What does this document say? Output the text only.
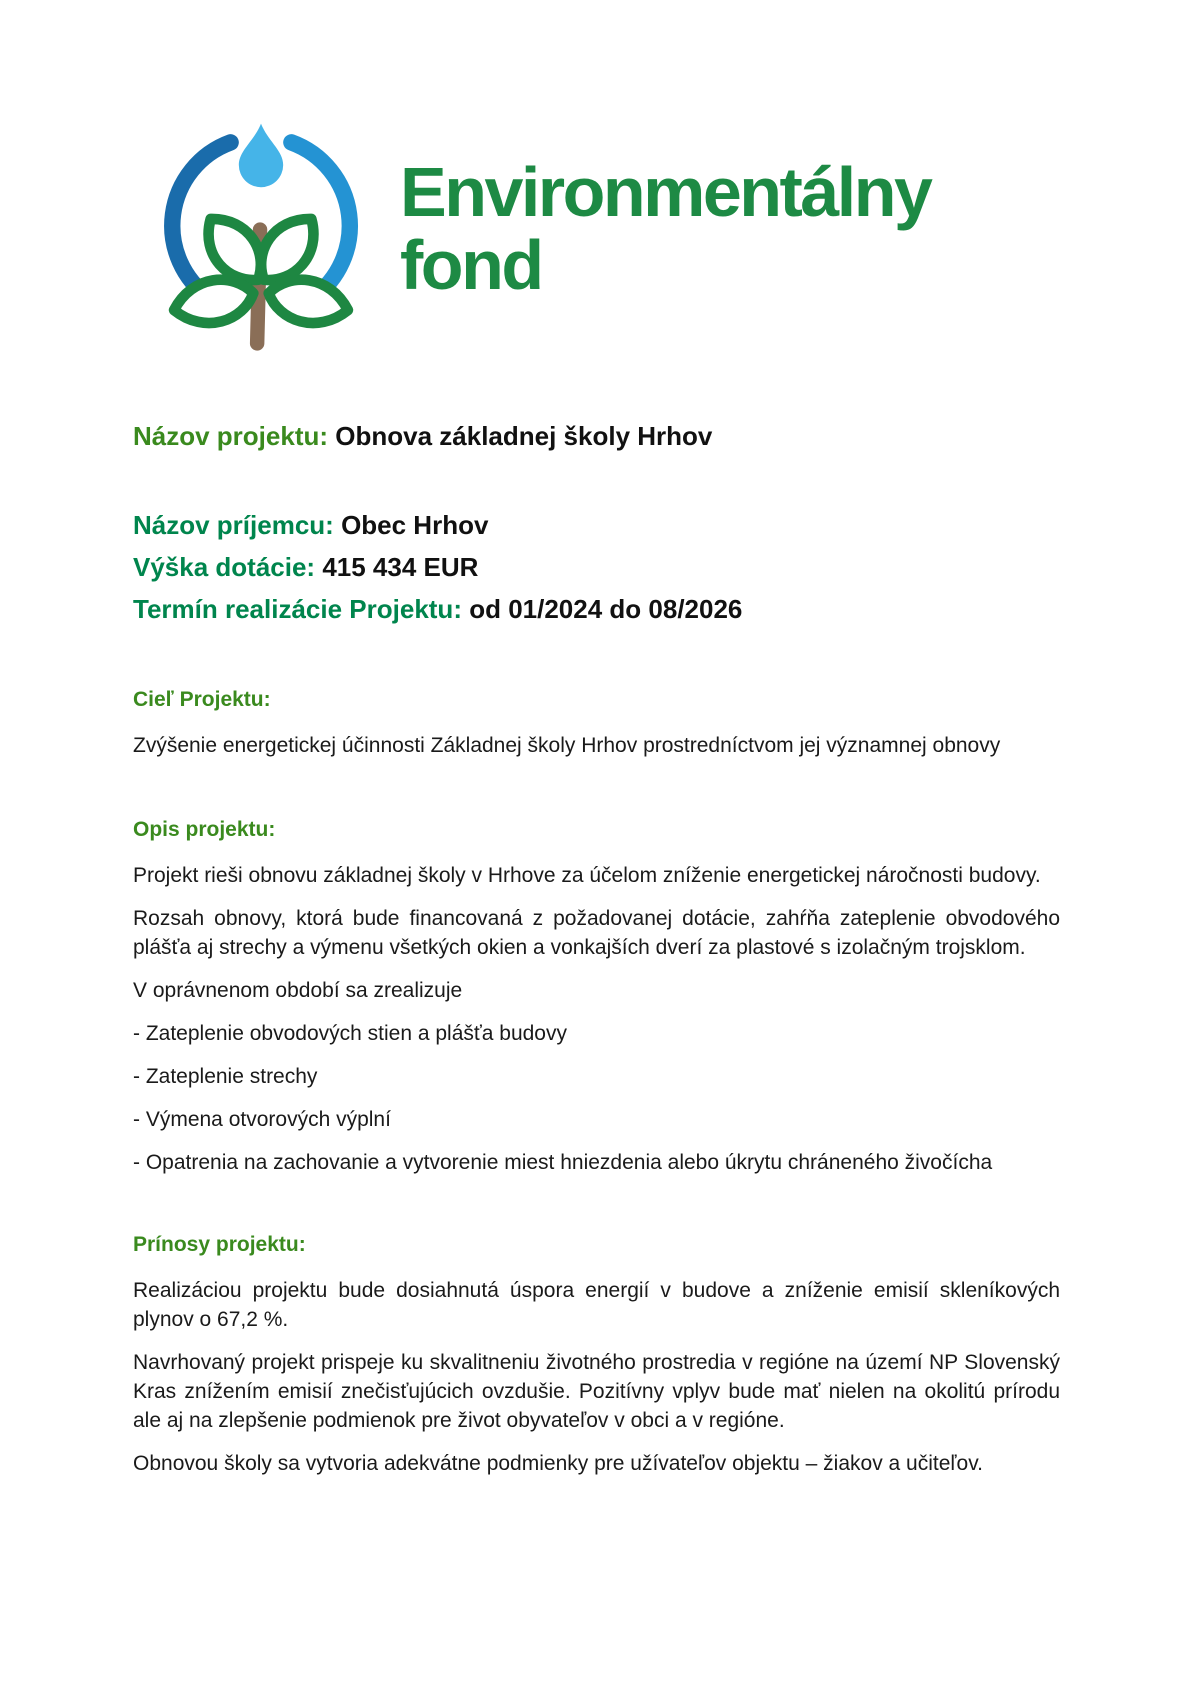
Environmentálny
fond
Názov projektu: Obnova základnej školy Hrhov
Názov príjemcu: Obec Hrhov
Výška dotácie: 415 434 EUR
Termín realizácie Projektu: od 01/2024 do 08/2026
Cieľ Projektu:

Zvýšenie energetickej účinnosti Základnej školy Hrhov prostredníctvom jej významnej obnovy

Opis projektu:

Projekt rieši obnovu základnej školy v Hrhove za účelom zníženie energetickej náročnosti budovy.

Rozsah obnovy, ktorá bude financovaná z požadovanej dotácie, zahŕňa zateplenie obvodového plášťa aj strechy a výmenu všetkých okien a vonkajších dverí za plastové s izolačným trojsklom.

V oprávnenom období sa zrealizuje

- Zateplenie obvodových stien a plášťa budovy

- Zateplenie strechy

- Výmena otvorových výplní

- Opatrenia na zachovanie a vytvorenie miest hniezdenia alebo úkrytu chráneného živočícha

Prínosy projektu:

Realizáciou projektu bude dosiahnutá úspora energií v budove a zníženie emisií skleníkových plynov o 67,2 %.

Navrhovaný projekt prispeje ku skvalitneniu životného prostredia v regióne na území NP Slovenský Kras znížením emisií znečisťujúcich ovzdušie. Pozitívny vplyv bude mať nielen na okolitú prírodu ale aj na zlepšenie podmienok pre život obyvateľov v obci a v regióne.

Obnovou školy sa vytvoria adekvátne podmienky pre užívateľov objektu – žiakov a učiteľov.
